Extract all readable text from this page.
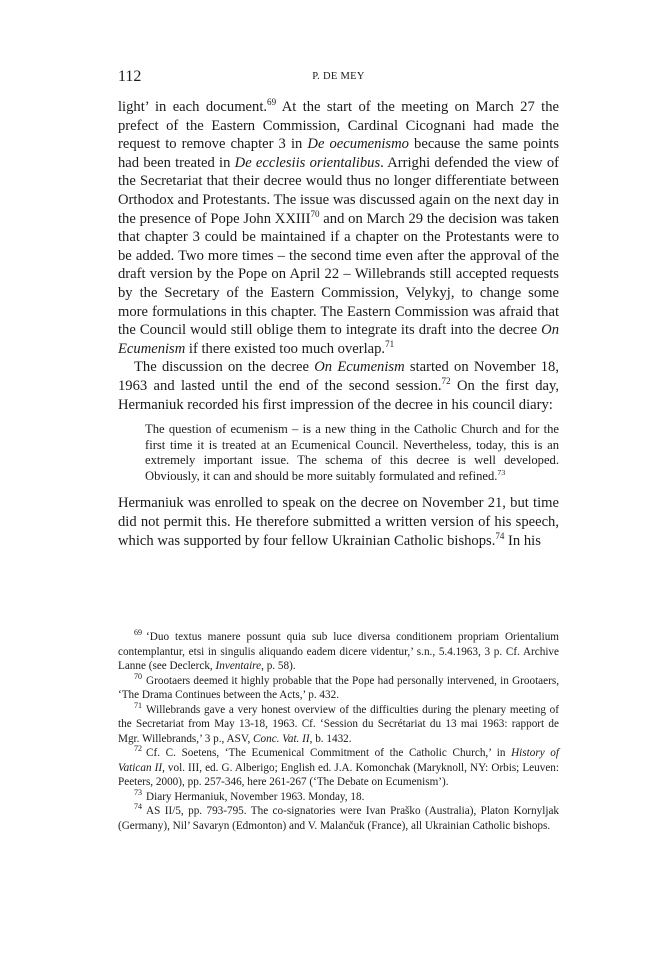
112	P. DE MEY

light’ in each document.$^{69}$ At the start of the meeting on March 27 the prefect of the Eastern Commission, Cardinal Cicognani had made the request to remove chapter 3 in De oecumenismo because the same points had been treated in De ecclesiis orientalibus. Arrighi defended the view of the Secretariat that their decree would thus no longer differentiate between Orthodox and Protestants. The issue was discussed again on the next day in the presence of Pope John XXIII$^{70}$ and on March 29 the decision was taken that chapter 3 could be maintained if a chapter on the Protestants were to be added. Two more times – the second time even after the approval of the draft version by the Pope on April 22 – Willebrands still accepted requests by the Secretary of the Eastern Commission, Velykyj, to change some more formulations in this chapter. The Eastern Commission was afraid that the Council would still oblige them to integrate its draft into the decree On Ecumenism if there existed too much overlap.$^{71}$

The discussion on the decree On Ecumenism started on November 18, 1963 and lasted until the end of the second session.$^{72}$ On the first day, Hermaniuk recorded his first impression of the decree in his council diary:

The question of ecumenism – is a new thing in the Catholic Church and for the first time it is treated at an Ecumenical Council. Nevertheless, today, this is an extremely important issue. The schema of this decree is well developed. Obviously, it can and should be more suitably formulated and refined.$^{73}$

Hermaniuk was enrolled to speak on the decree on November 21, but time did not permit this. He therefore submitted a written version of his speech, which was supported by four fellow Ukrainian Catholic bishops.$^{74}$ In his

$^{69}$ ‘Duo textus manere possunt quia sub luce diversa conditionem propriam Orientalium contemplantur, etsi in singulis aliquando eadem dicere videntur,’ s.n., 5.4.1963, 3 p. Cf. Archive Lanne (see Declerck, Inventaire, p. 58).

$^{70}$ Grootaers deemed it highly probable that the Pope had personally intervened, in Grootaers, ‘The Drama Continues between the Acts,’ p. 432.

$^{71}$ Willebrands gave a very honest overview of the difficulties during the plenary meeting of the Secretariat from May 13-18, 1963. Cf. ‘Session du Secrétariat du 13 mai 1963: rapport de Mgr. Willebrands,’ 3 p., ASV, Conc. Vat. II, b. 1432.

$^{72}$ Cf. C. Soetens, ‘The Ecumenical Commitment of the Catholic Church,’ in History of Vatican II, vol. III, ed. G. Alberigo; English ed. J.A. Komonchak (Maryknoll, NY: Orbis; Leuven: Peeters, 2000), pp. 257-346, here 261-267 (‘The Debate on Ecumenism’).

$^{73}$ Diary Hermaniuk, November 1963. Monday, 18.

$^{74}$ AS II/5, pp. 793-795. The co-signatories were Ivan Praško (Australia), Platon Kornyljak (Germany), Nil’ Savaryn (Edmonton) and V. Malančuk (France), all Ukrainian Catholic bishops.
